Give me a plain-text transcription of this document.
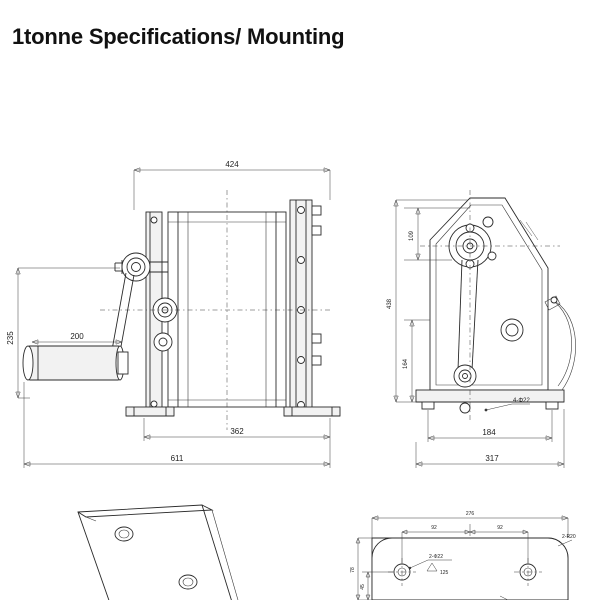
1tonne Specifications/ Mounting
424
235	200
362
611
109
438
164
4-Φ22
184
317
276
92	92
2-Φ22
125
2-R20
78
45
